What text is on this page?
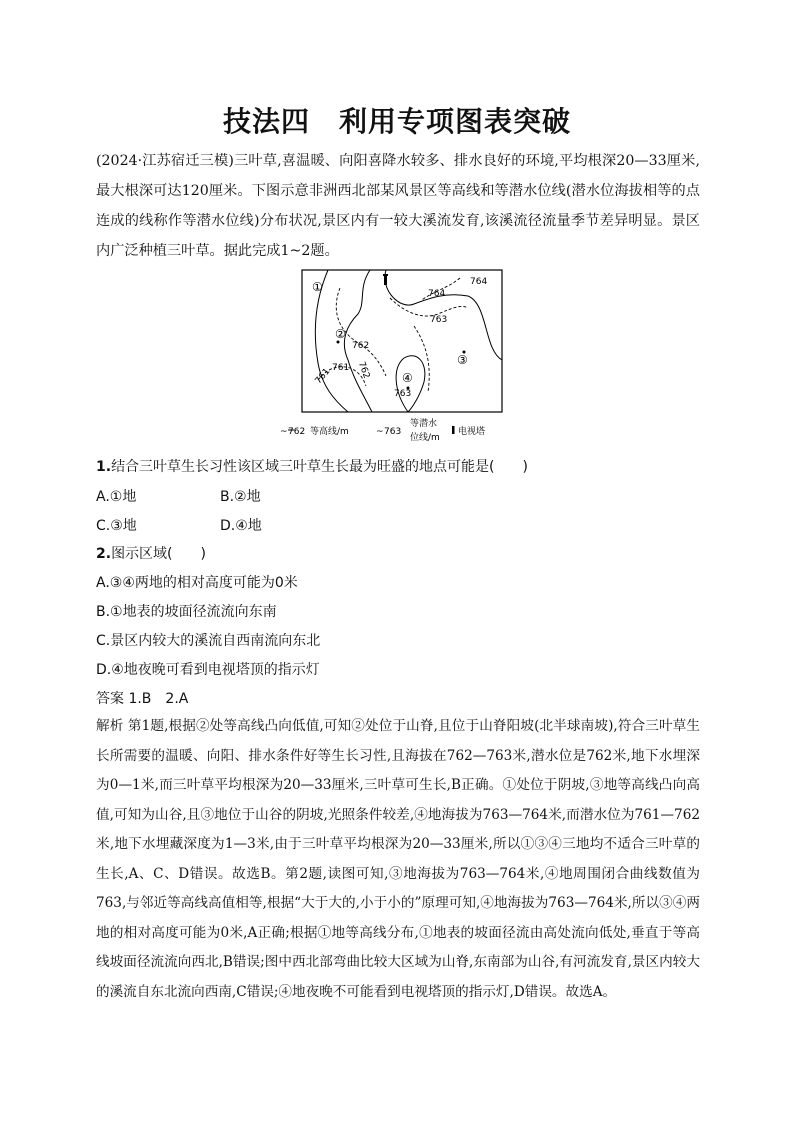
技法四　利用专项图表突破
(2024·江苏宿迁三模)三叶草,喜温暖、向阳喜降水较多、排水良好的环境,平均根深20—33厘米,最大根深可达120厘米。下图示意非洲西北部某风景区等高线和等潜水位线(潜水位海拔相等的点连成的线称作等潜水位线)分布状况,景区内有一较大溪流发育,该溪流径流量季节差异明显。景区内广泛种植三叶草。据此完成1~2题。
①
②
③
④
764
764
763
762
762
761
761
763
~ 762 等高线/m	~ 763
等潜水
位线/m
电视塔
1.结合三叶草生长习性该区域三叶草生长最为旺盛的地点可能是(　　)
A.①地	B.②地
C.③地	D.④地
2.图示区域(　　)
A.③④两地的相对高度可能为0米
B.①地表的坡面径流流向东南
C.景区内较大的溪流自西南流向东北
D.④地夜晚可看到电视塔顶的指示灯
答案 1.B　2.A
解析 第1题,根据②处等高线凸向低值,可知②处位于山脊,且位于山脊阳坡(北半球南坡),符合三叶草生长所需要的温暖、向阳、排水条件好等生长习性,且海拔在762—763米,潜水位是762米,地下水埋深为0—1米,而三叶草平均根深为20—33厘米,三叶草可生长,B正确。①处位于阴坡,③地等高线凸向高值,可知为山谷,且③地位于山谷的阴坡,光照条件较差,④地海拔为763—764米,而潜水位为761—762米,地下水埋藏深度为1—3米,由于三叶草平均根深为20—33厘米,所以①③④三地均不适合三叶草的生长,A、C、D错误。故选B。第2题,读图可知,③地海拔为763—764米,④地周围闭合曲线数值为763,与邻近等高线高值相等,根据“大于大的,小于小的”原理可知,④地海拔为763—764米,所以③④两地的相对高度可能为0米,A正确;根据①地等高线分布,①地表的坡面径流由高处流向低处,垂直于等高线坡面径流流向西北,B错误;图中西北部弯曲比较大区域为山脊,东南部为山谷,有河流发育,景区内较大的溪流自东北流向西南,C错误;④地夜晚不可能看到电视塔顶的指示灯,D错误。故选A。
